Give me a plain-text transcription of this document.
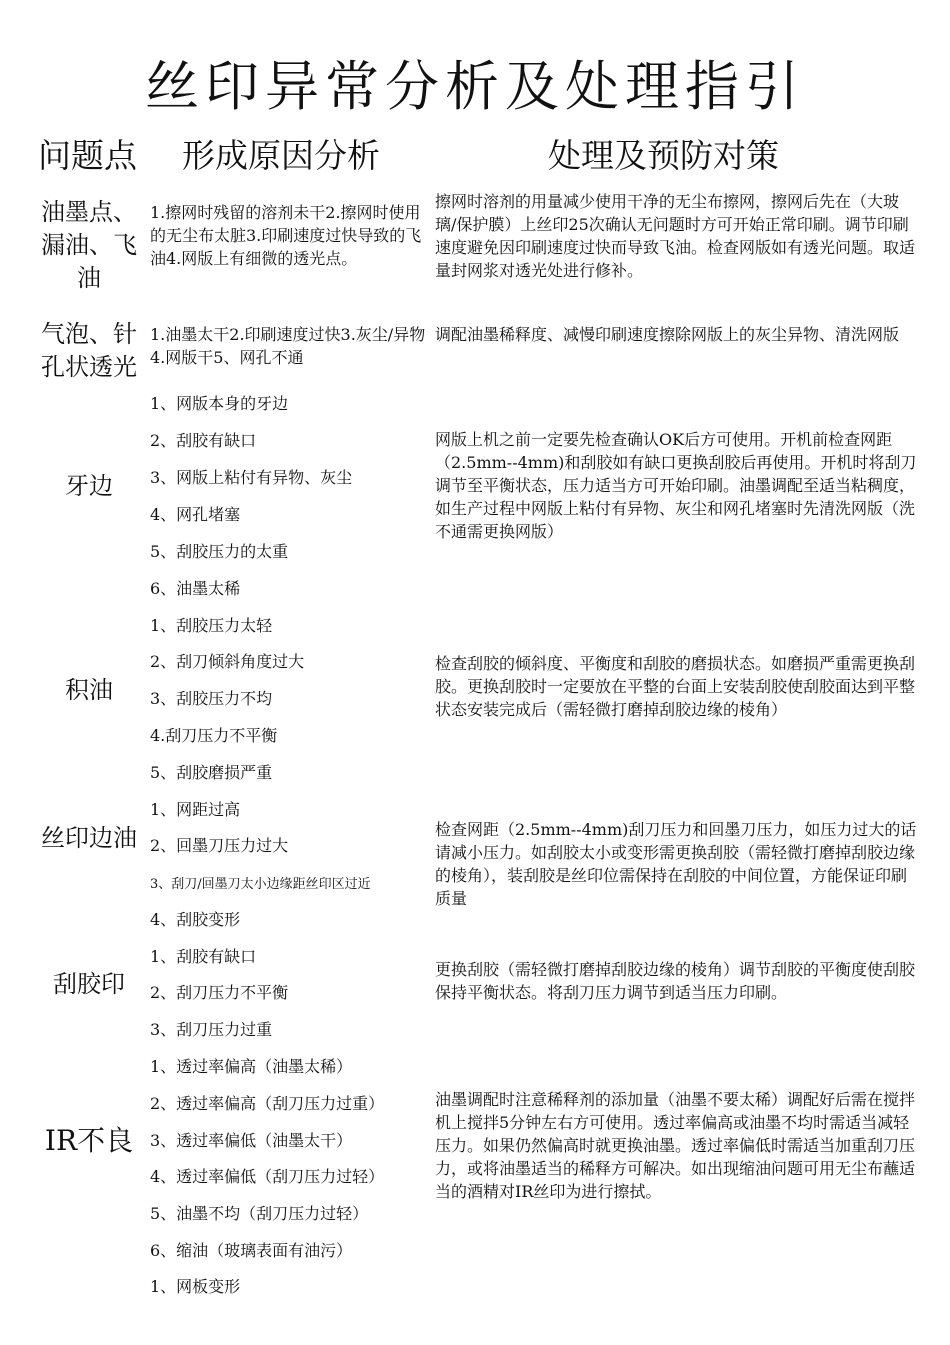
丝印异常分析及处理指引
问题点 形成原因分析	处理及预防对策
油墨点、漏油、飞油
1.擦网时残留的溶剂未干2.擦网时使用的无尘布太脏3.印刷速度过快导致的飞油4.网版上有细微的透光点。
擦网时溶剂的用量减少使用干净的无尘布擦网，擦网后先在（大玻璃/保护膜）上丝印25次确认无问题时方可开始正常印刷。调节印刷速度避免因印刷速度过快而导致飞油。检查网版如有透光问题。取适量封网浆对透光处进行修补。
气泡、针孔状透光
1.油墨太干2.印刷速度过快3.灰尘/异物4.网版干5、网孔不通
调配油墨稀释度、减慢印刷速度擦除网版上的灰尘异物、清洗网版
牙边
1、网版本身的牙边
2、刮胶有缺口
3、网版上粘付有异物、灰尘
4、网孔堵塞
5、刮胶压力的太重
6、油墨太稀
网版上机之前一定要先检查确认OK后方可使用。开机前检查网距（2.5mm--4mm)和刮胶如有缺口更换刮胶后再使用。开机时将刮刀调节至平衡状态，压力适当方可开始印刷。油墨调配至适当粘稠度，如生产过程中网版上粘付有异物、灰尘和网孔堵塞时先清洗网版（洗不通需更换网版）
积油
1、刮胶压力太轻
2、刮刀倾斜角度过大
3、刮胶压力不均
4.刮刀压力不平衡
5、刮胶磨损严重
检查刮胶的倾斜度、平衡度和刮胶的磨损状态。如磨损严重需更换刮胶。更换刮胶时一定要放在平整的台面上安装刮胶使刮胶面达到平整状态安装完成后（需轻微打磨掉刮胶边缘的棱角）
丝印边油
1、网距过高
2、回墨刀压力过大
3、刮刀/回墨刀太小边缘距丝印区过近
4、刮胶变形
检查网距（2.5mm--4mm)刮刀压力和回墨刀压力，如压力过大的话请减小压力。如刮胶太小或变形需更换刮胶（需轻微打磨掉刮胶边缘的棱角），装刮胶是丝印位需保持在刮胶的中间位置，方能保证印刷质量
刮胶印
1、刮胶有缺口
2、刮刀压力不平衡
3、刮刀压力过重
更换刮胶（需轻微打磨掉刮胶边缘的棱角）调节刮胶的平衡度使刮胶保持平衡状态。将刮刀压力调节到适当压力印刷。
IR不良
1、透过率偏高（油墨太稀）
2、透过率偏高（刮刀压力过重）
3、透过率偏低（油墨太干）
4、透过率偏低（刮刀压力过轻）
5、油墨不均（刮刀压力过轻）
6、缩油（玻璃表面有油污）
1、网板变形
油墨调配时注意稀释剂的添加量（油墨不要太稀）调配好后需在搅拌机上搅拌5分钟左右方可使用。透过率偏高或油墨不均时需适当减轻压力。如果仍然偏高时就更换油墨。透过率偏低时需适当加重刮刀压力，或将油墨适当的稀释方可解决。如出现缩油问题可用无尘布蘸适当的酒精对IR丝印为进行擦拭。
